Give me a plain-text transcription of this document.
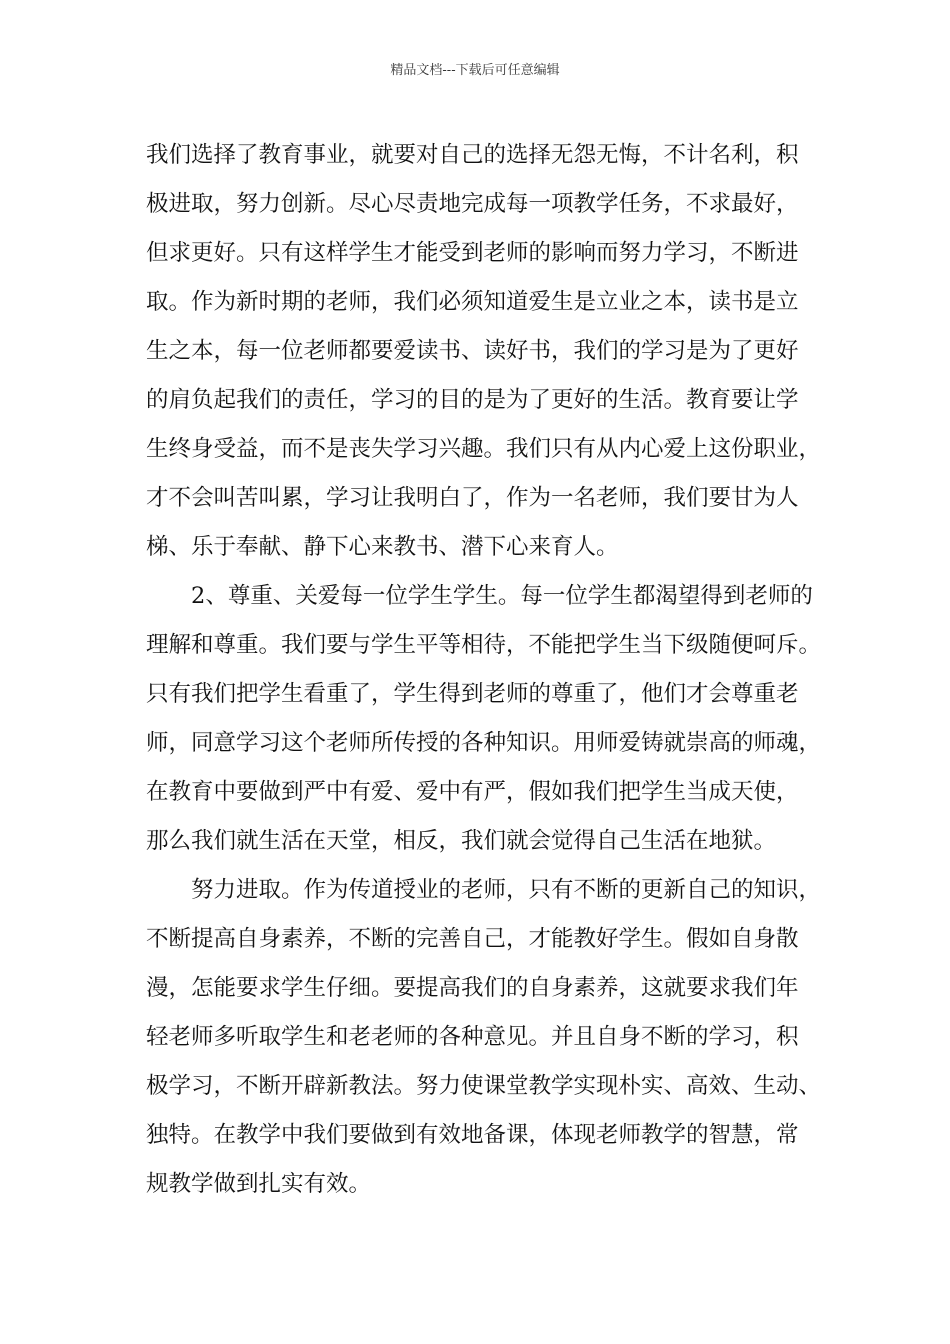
精品文档---下载后可任意编辑
我们选择了教育事业，就要对自己的选择无怨无悔，不计名利，积
极进取，努力创新。尽心尽责地完成每一项教学任务，不求最好，
但求更好。只有这样学生才能受到老师的影响而努力学习，不断进
取。作为新时期的老师，我们必须知道爱生是立业之本，读书是立
生之本，每一位老师都要爱读书、读好书，我们的学习是为了更好
的肩负起我们的责任，学习的目的是为了更好的生活。教育要让学
生终身受益，而不是丧失学习兴趣。我们只有从内心爱上这份职业，
才不会叫苦叫累，学习让我明白了，作为一名老师，我们要甘为人
梯、乐于奉献、静下心来教书、潜下心来育人。
2、尊重、关爱每一位学生学生。每一位学生都渴望得到老师的
理解和尊重。我们要与学生平等相待，不能把学生当下级随便呵斥。
只有我们把学生看重了，学生得到老师的尊重了，他们才会尊重老
师，同意学习这个老师所传授的各种知识。用师爱铸就崇高的师魂，
在教育中要做到严中有爱、爱中有严，假如我们把学生当成天使，
那么我们就生活在天堂，相反，我们就会觉得自己生活在地狱。
努力进取。作为传道授业的老师，只有不断的更新自己的知识，
不断提高自身素养，不断的完善自己，才能教好学生。假如自身散
漫，怎能要求学生仔细。要提高我们的自身素养，这就要求我们年
轻老师多听取学生和老老师的各种意见。并且自身不断的学习，积
极学习，不断开辟新教法。努力使课堂教学实现朴实、高效、生动、
独特。在教学中我们要做到有效地备课，体现老师教学的智慧，常
规教学做到扎实有效。
